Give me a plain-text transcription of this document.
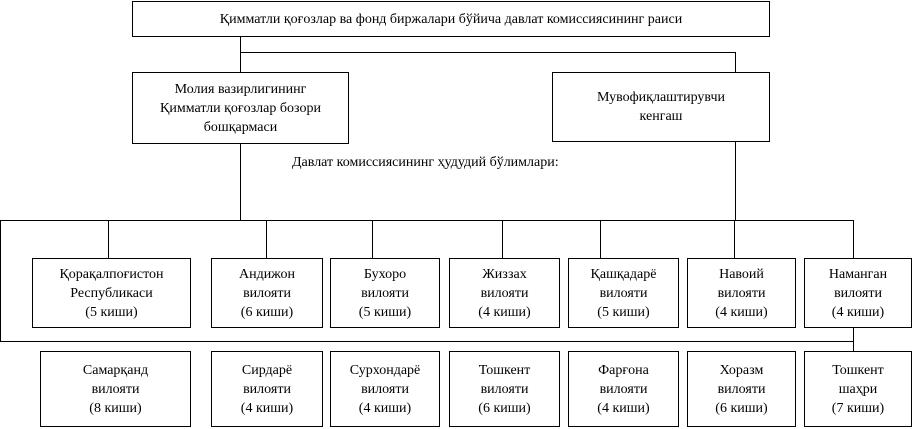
Қимматли қоғозлар ва фонд биржалари бўйича давлат комиссиясининг раиси
Молия вазирлигининг
Қимматли қоғозлар бозори
бошқармаси
Мувофиқлаштирувчи
кенгаш
Давлат комиссиясининг ҳудудий бўлимлари:
Қорақалпоғистон
Республикаси
(5 киши)
Андижон
вилояти
(6 киши)
Бухоро
вилояти
(5 киши)
Жиззах
вилояти
(4 киши)
Қашқадарё
вилояти
(5 киши)
Навоий
вилояти
(4 киши)
Наманган
вилояти
(4 киши)
Самарқанд
вилояти
(8 киши)
Сирдарё
вилояти
(4 киши)
Сурхондарё
вилояти
(4 киши)
Тошкент
вилояти
(6 киши)
Фарғона
вилояти
(4 киши)
Хоразм
вилояти
(6 киши)
Тошкент
шаҳри
(7 киши)
